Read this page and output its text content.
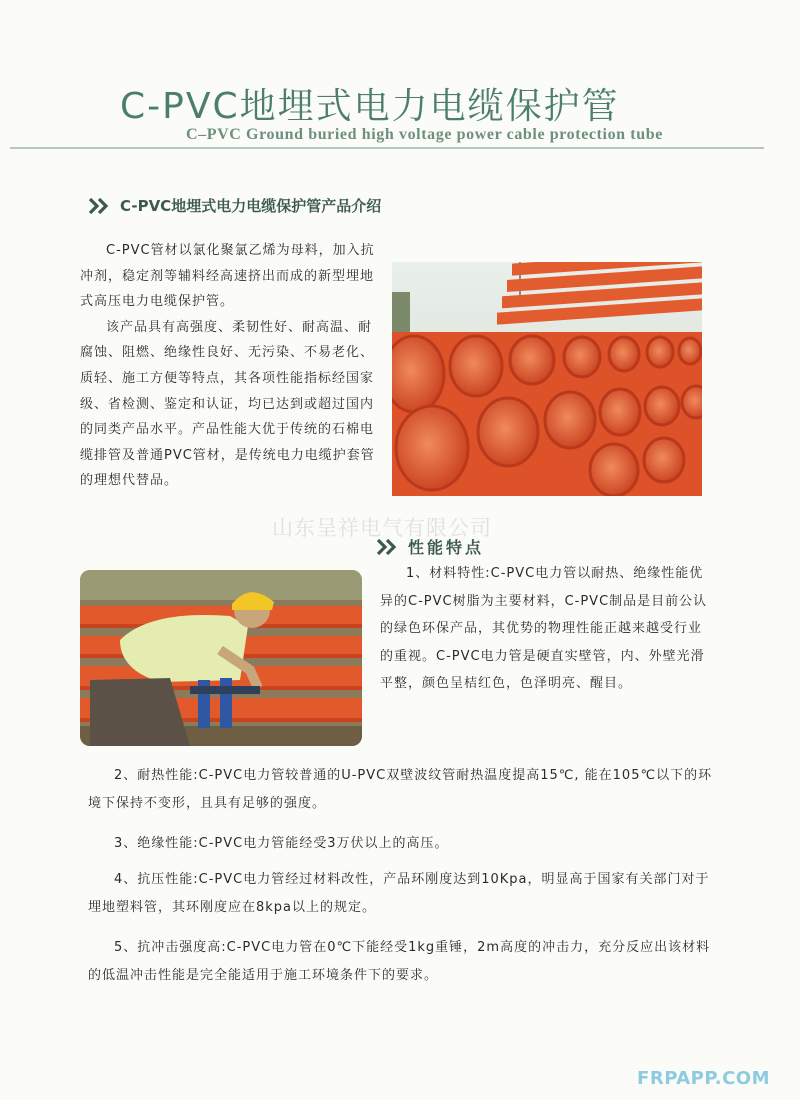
C-PVC地埋式电力电缆保护管
C–PVC Ground buried high voltage power cable protection tube
C-PVC地埋式电力电缆保护管产品介绍

C-PVC管材以氯化聚氯乙烯为母料，加入抗冲剂，稳定剂等辅料经高速挤出而成的新型埋地式高压电力电缆保护管。

该产品具有高强度、柔韧性好、耐高温、耐腐蚀、阻燃、绝缘性良好、无污染、不易老化、质轻、施工方便等特点，其各项性能指标经国家级、省检测、鉴定和认证，均已达到或超过国内的同类产品水平。产品性能大优于传统的石棉电缆排管及普通PVC管材，是传统电力电缆护套管的理想代替品。

山东呈祥电气有限公司
性能特点

1、材料特性:C-PVC电力管以耐热、绝缘性能优异的C-PVC树脂为主要材料，C-PVC制品是目前公认的绿色环保产品，其优势的物理性能正越来越受行业的重视。C-PVC电力管是硬直实壁管，内、外壁光滑平整，颜色呈桔红色，色泽明亮、醒目。

2、耐热性能:C-PVC电力管较普通的U-PVC双壁波纹管耐热温度提高15℃, 能在105℃以下的环境下保持不变形，且具有足够的强度。

3、绝缘性能:C-PVC电力管能经受3万伏以上的高压。

4、抗压性能:C-PVC电力管经过材料改性，产品环刚度达到10Kpa，明显高于国家有关部门对于埋地塑料管，其环刚度应在8kpa以上的规定。

5、抗冲击强度高:C-PVC电力管在0℃下能经受1kg重锤，2m高度的冲击力，充分反应出该材料的低温冲击性能是完全能适用于施工环境条件下的要求。

FRPAPP.COM
